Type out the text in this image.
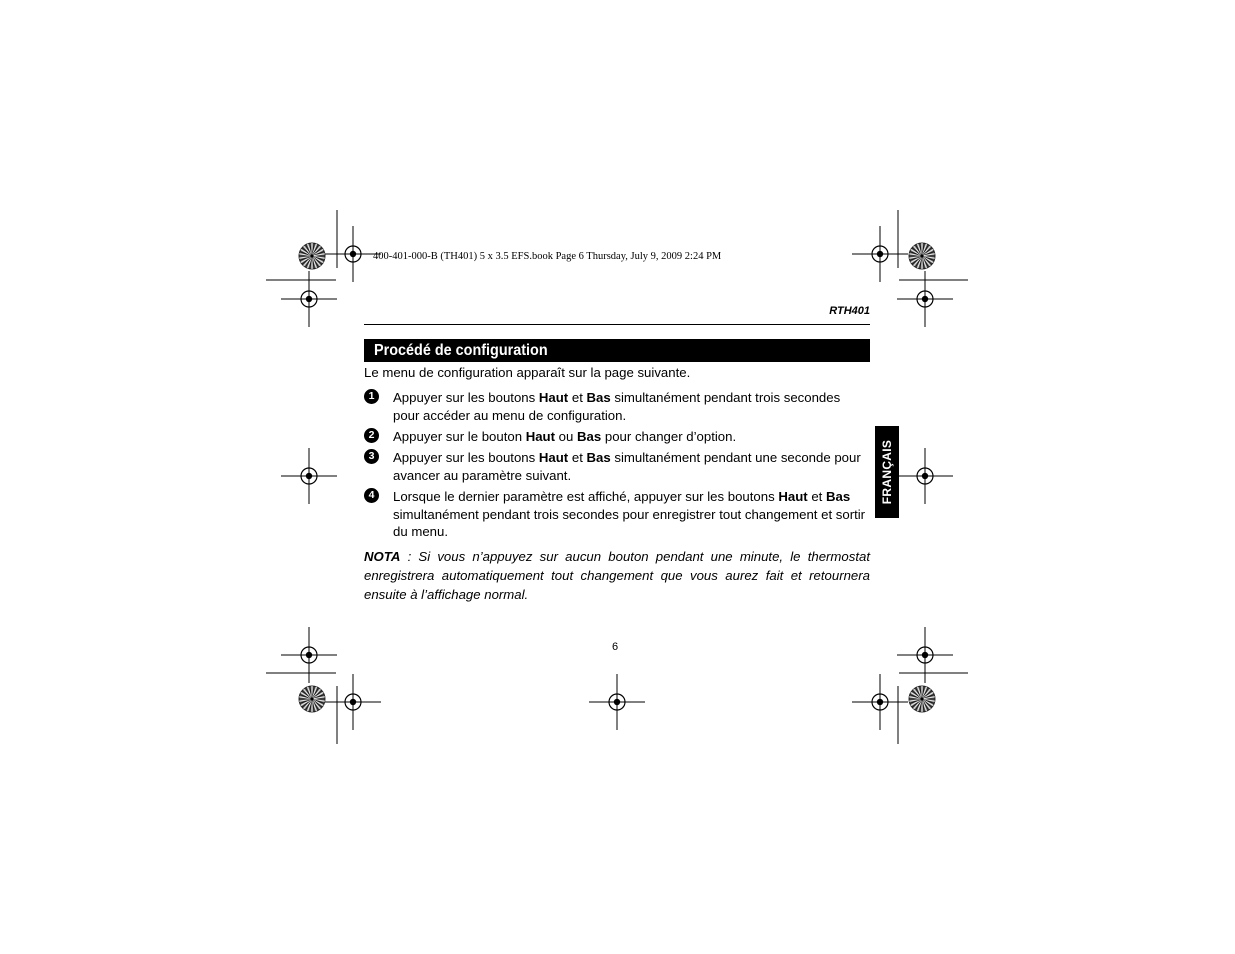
400-401-000-B (TH401) 5 x 3.5 EFS.book Page 6 Thursday, July 9, 2009 2:24 PM
RTH401
Procédé de configuration
Le menu de configuration apparaît sur la page suivante.
1	Appuyer sur les boutons Haut et Bas simultanément pendant trois secondes pour accéder au menu de configuration.
2	Appuyer sur le bouton Haut ou Bas pour changer d’option.
3	Appuyer sur les boutons Haut et Bas simultanément pendant une seconde pour avancer au paramètre suivant.
4	Lorsque le dernier paramètre est affiché, appuyer sur les boutons Haut et Bas simultanément pendant trois secondes pour enregistrer tout changement et sortir du menu.
NOTA : Si vous n’appuyez sur aucun bouton pendant une minute, le thermostat enregistrera automatiquement tout changement que vous aurez fait et retournera ensuite à l’affichage normal.
6
FRANÇAIS
